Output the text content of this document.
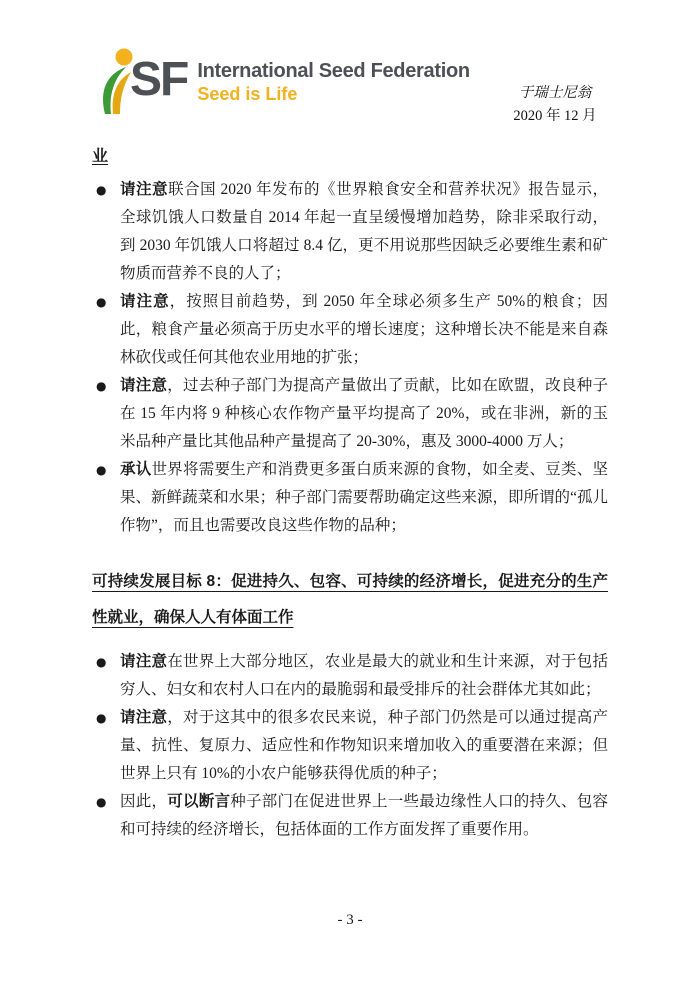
SF International Seed Federation
Seed is Life	于瑞士尼翁
2020 年 12 月
业
● 请注意联合国 2020 年发布的《世界粮食安全和营养状况》报告显示，全球饥饿人口数量自 2014 年起一直呈缓慢增加趋势，除非采取行动，到 2030 年饥饿人口将超过 8.4 亿，更不用说那些因缺乏必要维生素和矿物质而营养不良的人了；
● 请注意，按照目前趋势，到 2050 年全球必须多生产 50%的粮食；因此，粮食产量必须高于历史水平的增长速度；这种增长决不能是来自森林砍伐或任何其他农业用地的扩张；
● 请注意，过去种子部门为提高产量做出了贡献，比如在欧盟，改良种子在 15 年内将 9 种核心农作物产量平均提高了 20%，或在非洲，新的玉米品种产量比其他品种产量提高了 20-30%，惠及 3000-4000 万人；
● 承认世界将需要生产和消费更多蛋白质来源的食物，如全麦、豆类、坚果、新鲜蔬菜和水果；种子部门需要帮助确定这些来源，即所谓的“孤儿作物”，而且也需要改良这些作物的品种；
可持续发展目标 8：促进持久、包容、可持续的经济增长，促进充分的生产性就业，确保人人有体面工作
● 请注意在世界上大部分地区，农业是最大的就业和生计来源，对于包括穷人、妇女和农村人口在内的最脆弱和最受排斥的社会群体尤其如此；
● 请注意，对于这其中的很多农民来说，种子部门仍然是可以通过提高产量、抗性、复原力、适应性和作物知识来增加收入的重要潜在来源；但世界上只有 10%的小农户能够获得优质的种子；
● 因此，可以断言种子部门在促进世界上一些最边缘性人口的持久、包容和可持续的经济增长，包括体面的工作方面发挥了重要作用。
- 3 -
